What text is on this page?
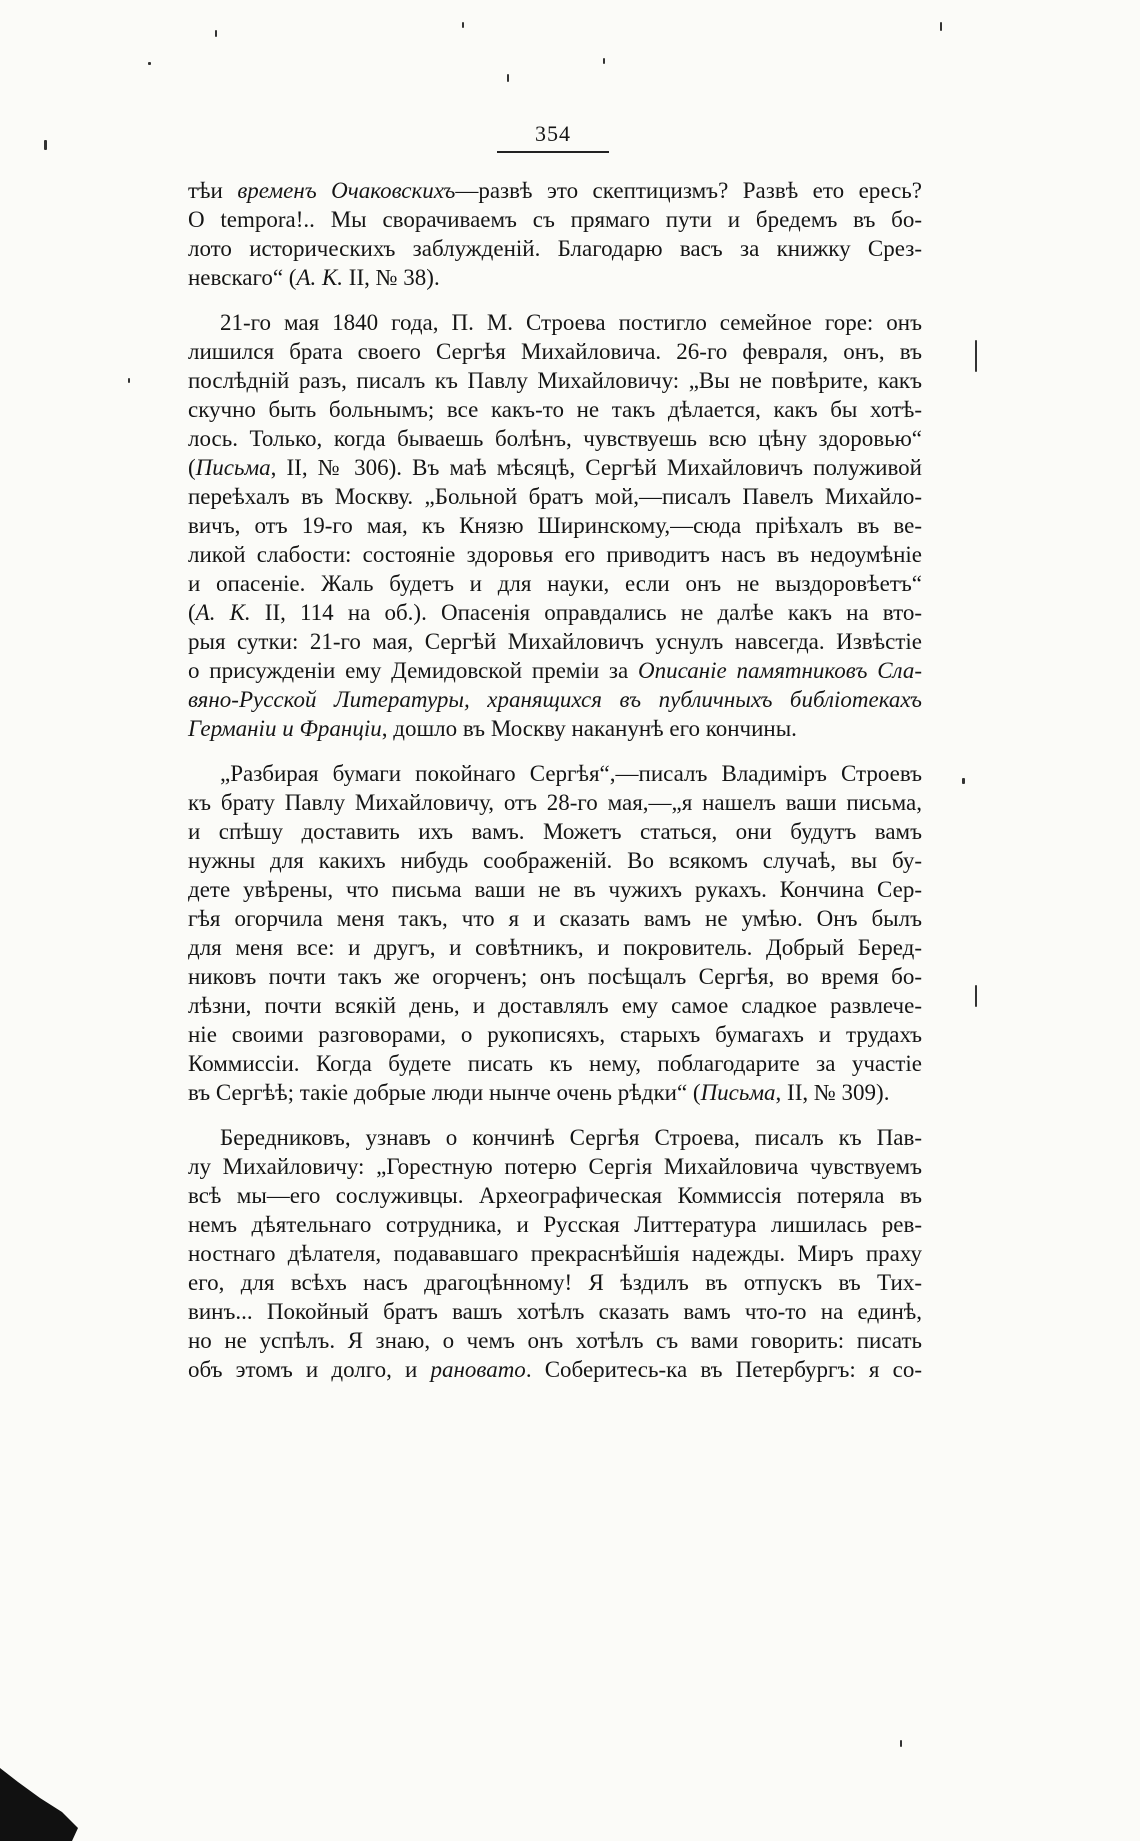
354
тѣи временъ Очаковскихъ—развѣ это скептицизмъ? Развѣ ето ересь?
O tempora!.. Мы сворачиваемъ съ прямаго пути и бредемъ въ бо-
лото историческихъ заблужденій. Благодарю васъ за книжку Срез-
невскаго“ (А. К. II, № 38).
21-го мая 1840 года, П. М. Строева постигло семейное горе: онъ
лишился брата своего Сергѣя Михайловича. 26-го февраля, онъ, въ
послѣдній разъ, писалъ къ Павлу Михайловичу: „Вы не повѣрите, какъ
скучно быть больнымъ; все какъ-то не такъ дѣлается, какъ бы хотѣ-
лось. Только, когда бываешь болѣнъ, чувствуешь всю цѣну здоровью“
(Письма, II, № 306). Въ маѣ мѣсяцѣ, Сергѣй Михайловичъ полуживой
переѣхалъ въ Москву. „Больной братъ мой,—писалъ Павелъ Михайло-
вичъ, отъ 19-го мая, къ Князю Ширинскому,—сюда пріѣхалъ въ ве-
ликой слабости: состояніе здоровья его приводитъ насъ въ недоумѣніе
и опасеніе. Жаль будетъ и для науки, если онъ не выздоровѣетъ“
(А. К. II, 114 на об.). Опасенія оправдались не далѣе какъ на вто-
рыя сутки: 21-го мая, Сергѣй Михайловичъ уснулъ навсегда. Извѣстіе
о присужденіи ему Демидовской преміи за Описаніе памятниковъ Сла-
вяно-Русской Литературы, хранящихся въ публичныхъ библіотекахъ
Германіи и Франціи, дошло въ Москву наканунѣ его кончины.
„Разбирая бумаги покойнаго Сергѣя“,—писалъ Владиміръ Строевъ
къ брату Павлу Михайловичу, отъ 28-го мая,—„я нашелъ ваши письма,
и спѣшу доставить ихъ вамъ. Можетъ статься, они будутъ вамъ
нужны для какихъ нибудь соображеній. Во всякомъ случаѣ, вы бу-
дете увѣрены, что письма ваши не въ чужихъ рукахъ. Кончина Сер-
гѣя огорчила меня такъ, что я и сказать вамъ не умѣю. Онъ былъ
для меня все: и другъ, и совѣтникъ, и покровитель. Добрый Беред-
никовъ почти такъ же огорченъ; онъ посѣщалъ Сергѣя, во время бо-
лѣзни, почти всякій день, и доставлялъ ему самое сладкое развлече-
ніе своими разговорами, о рукописяхъ, старыхъ бумагахъ и трудахъ
Коммиссіи. Когда будете писать къ нему, поблагодарите за участіе
въ Сергѣѣ; такіе добрые люди нынче очень рѣдки“ (Письма, II, № 309).
Бередниковъ, узнавъ о кончинѣ Сергѣя Строева, писалъ къ Пав-
лу Михайловичу: „Горестную потерю Сергія Михайловича чувствуемъ
всѣ мы—его сослуживцы. Археографическая Коммиссія потеряла въ
немъ дѣятельнаго сотрудника, и Русская Литтература лишилась рев-
ностнаго дѣлателя, подававшаго прекраснѣйшія надежды. Миръ праху
его, для всѣхъ насъ драгоцѣнному! Я ѣздилъ въ отпускъ въ Тих-
винъ... Покойный братъ вашъ хотѣлъ сказать вамъ что-то на единѣ,
но не успѣлъ. Я знаю, о чемъ онъ хотѣлъ съ вами говорить: писать
объ этомъ и долго, и рановато. Соберитесь-ка въ Петербургъ: я со-
